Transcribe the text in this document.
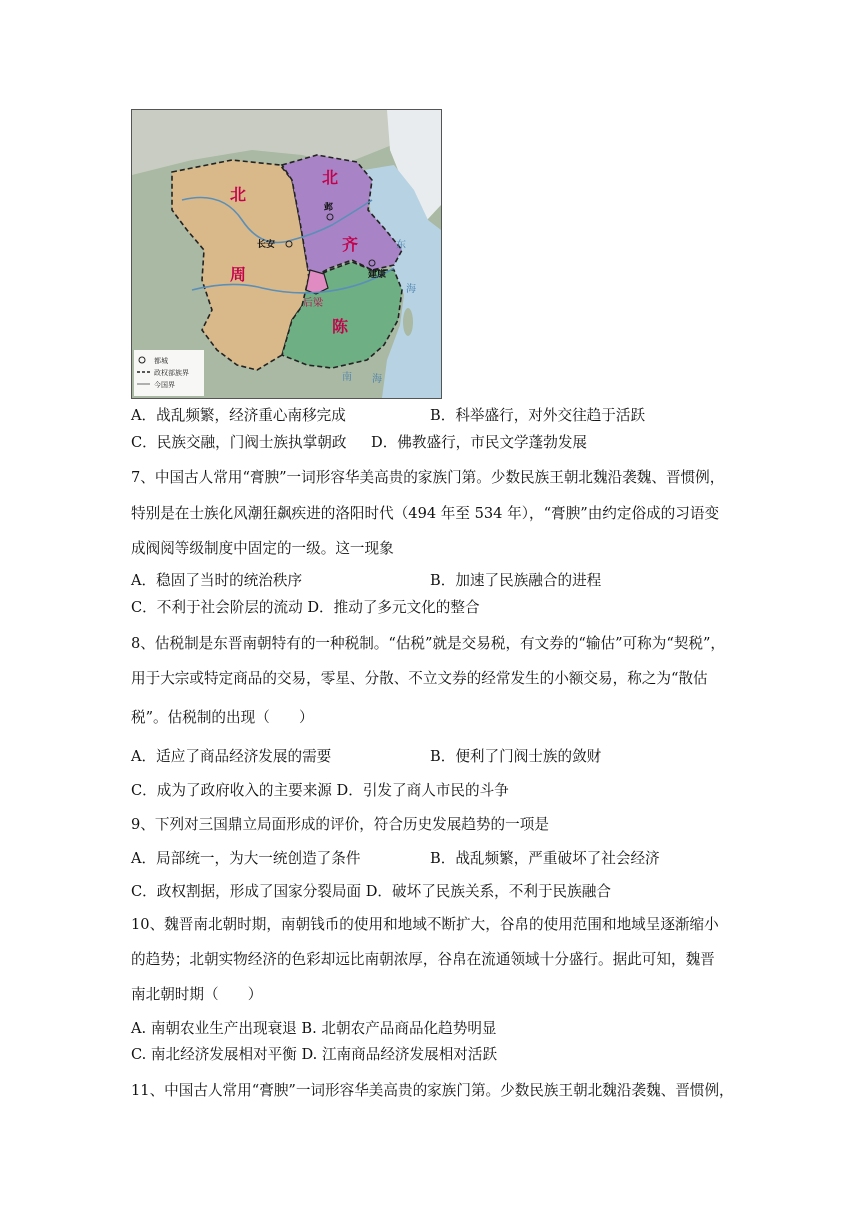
都城
政权部族界
今国界
北
周
北
齐
陈
后梁
长安
邺
建康
东
海
南 海
A．战乱频繁，经济重心南移完成	B．科举盛行，对外交往趋于活跃
C．民族交融，门阀士族执掌朝政 D．佛教盛行，市民文学蓬勃发展
7、中国古人常用“膏腴”一词形容华美高贵的家族门第。少数民族王朝北魏沿袭魏、晋惯例，
特别是在士族化风潮狂飙疾进的洛阳时代（494 年至 534 年），“膏腴”由约定俗成的习语变
成阀阅等级制度中固定的一级。这一现象
A．稳固了当时的统治秩序	B．加速了民族融合的进程
C．不利于社会阶层的流动 D．推动了多元文化的整合
8、估税制是东晋南朝特有的一种税制。“估税”就是交易税，有文券的“输估”可称为“契税”，
用于大宗或特定商品的交易，零星、分散、不立文券的经常发生的小额交易，称之为“散估
税”。估税制的出现（　　）
A．适应了商品经济发展的需要	B．便利了门阀士族的敛财
C．成为了政府收入的主要来源 D．引发了商人市民的斗争
9、下列对三国鼎立局面形成的评价，符合历史发展趋势的一项是
A．局部统一，为大一统创造了条件	B．战乱频繁，严重破坏了社会经济
C．政权割据，形成了国家分裂局面 D．破坏了民族关系，不利于民族融合
10、魏晋南北朝时期，南朝钱币的使用和地域不断扩大，谷帛的使用范围和地域呈逐渐缩小
的趋势；北朝实物经济的色彩却远比南朝浓厚，谷帛在流通领域十分盛行。据此可知，魏晋
南北朝时期（　　）
A. 南朝农业生产出现衰退 B. 北朝农产品商品化趋势明显
C. 南北经济发展相对平衡 D. 江南商品经济发展相对活跃
11、中国古人常用“膏腴”一词形容华美高贵的家族门第。少数民族王朝北魏沿袭魏、晋惯例，
